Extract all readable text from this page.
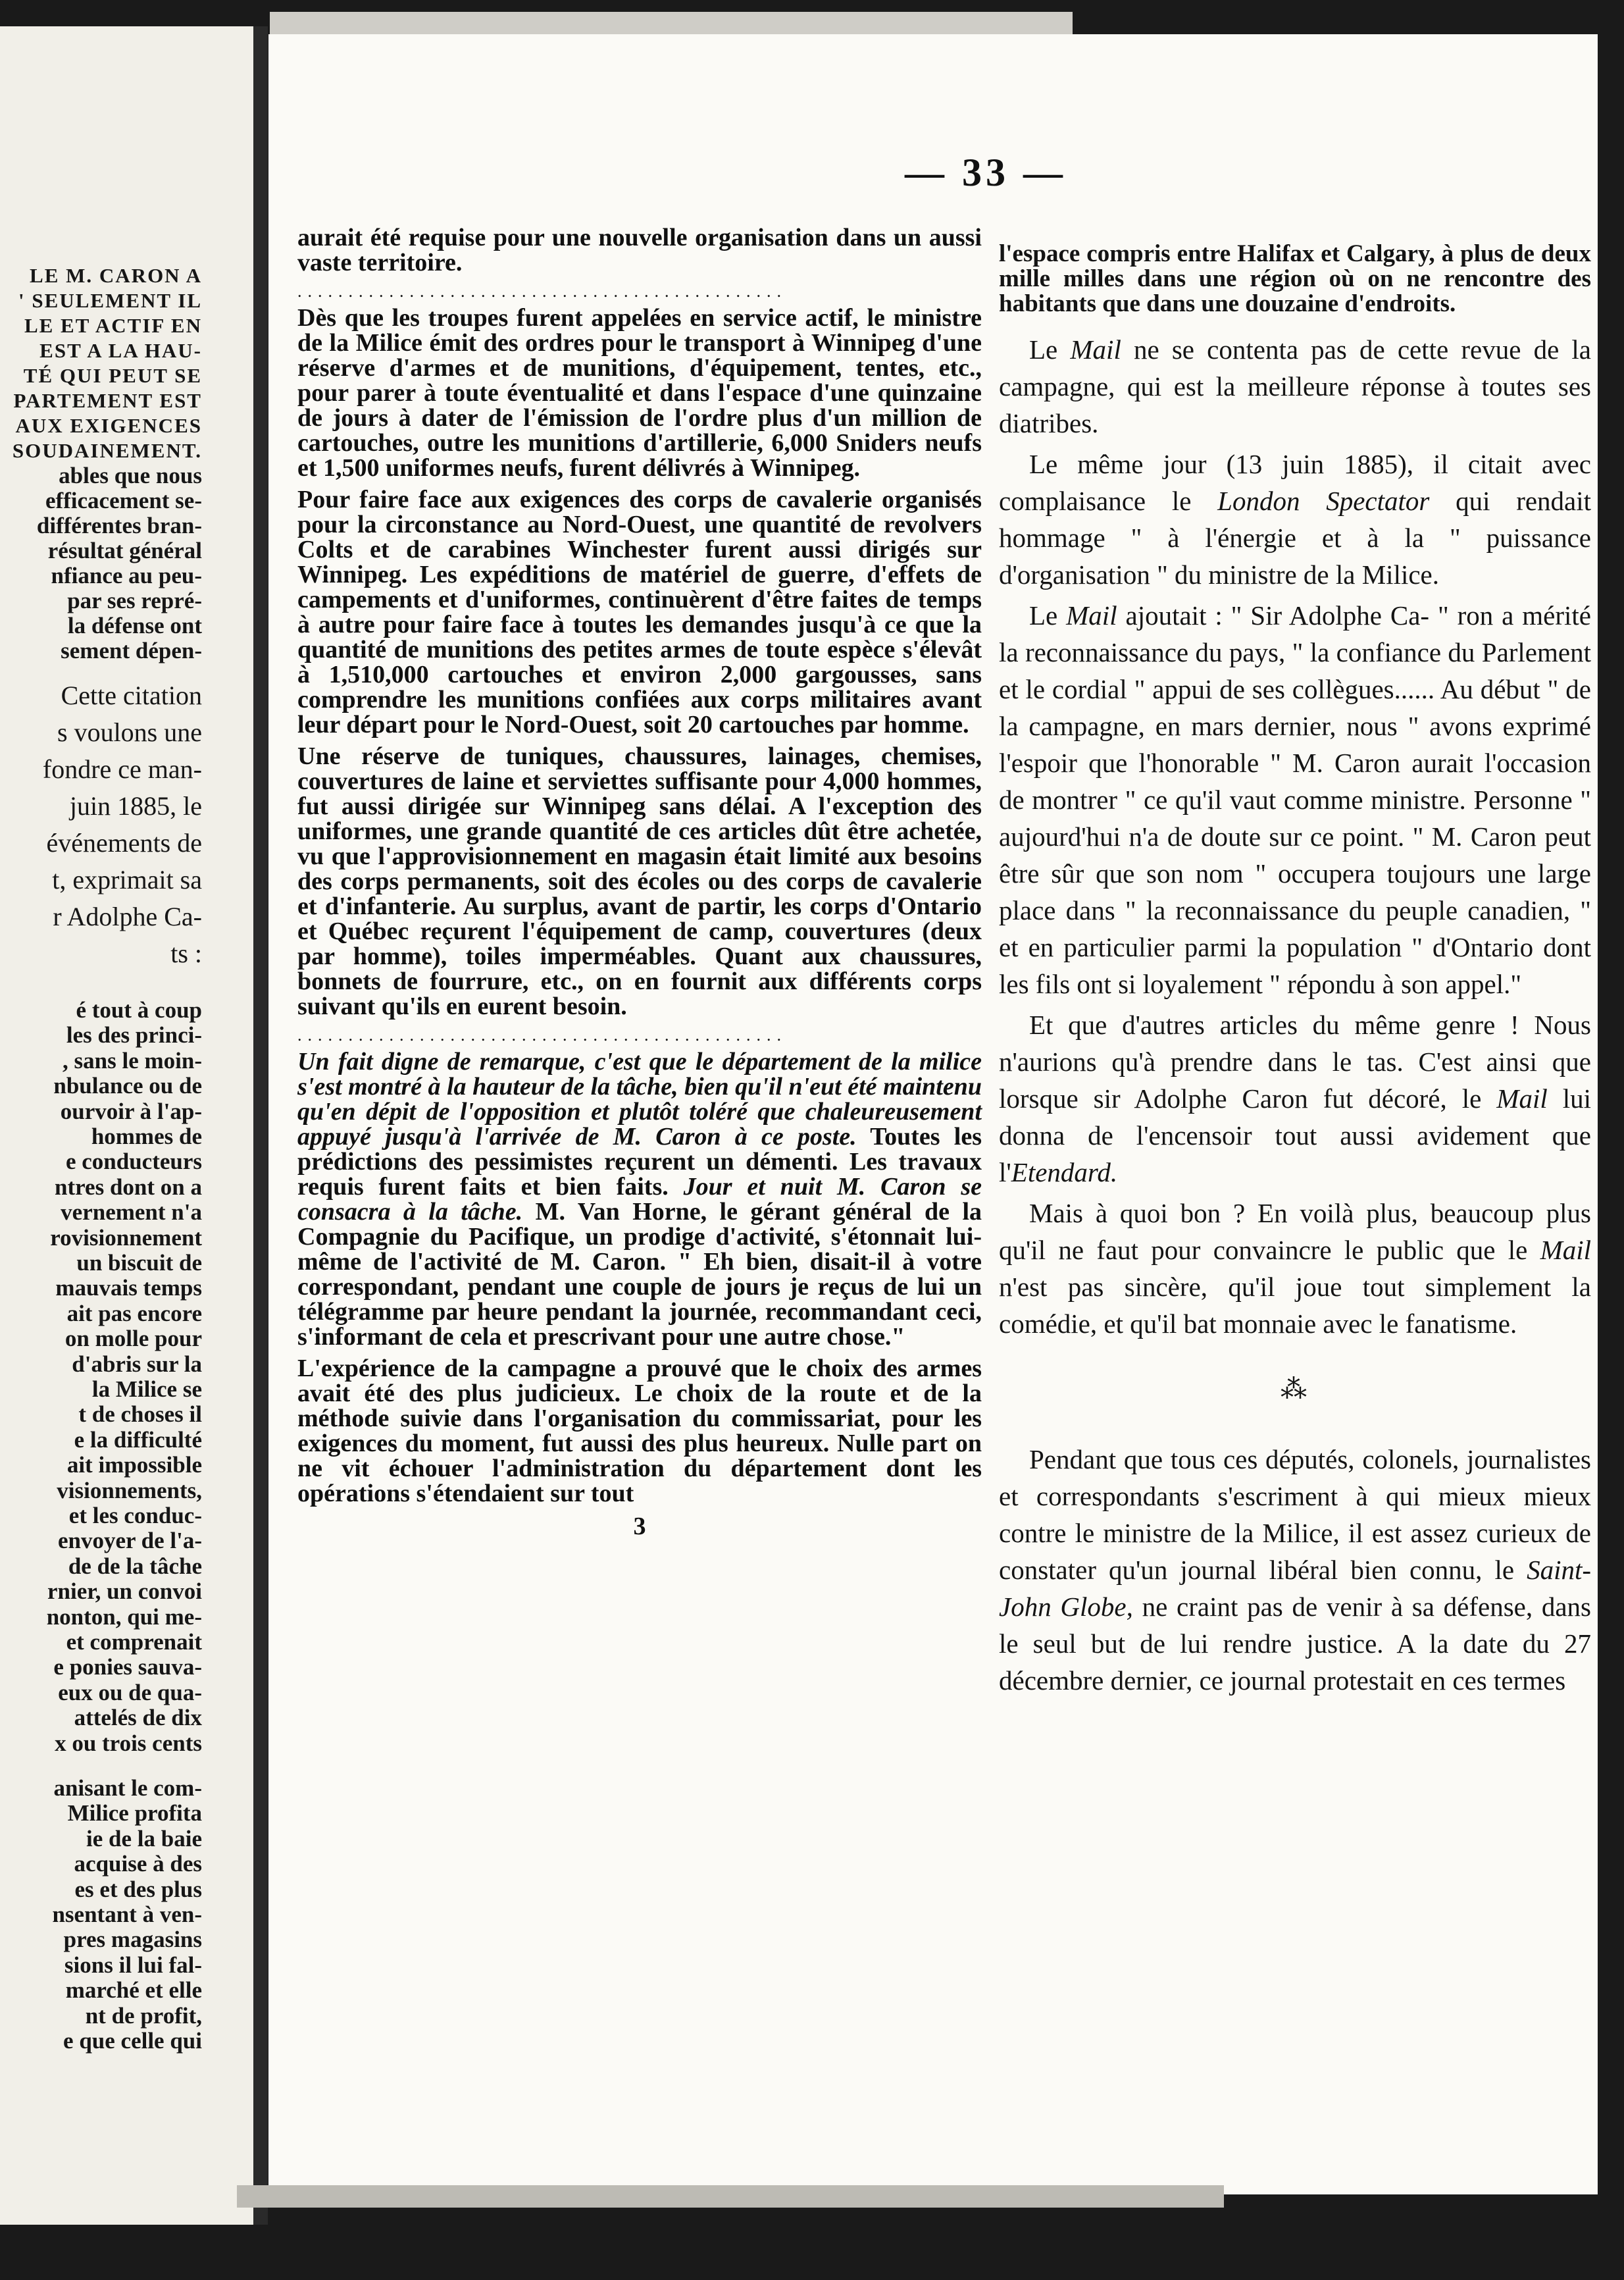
LE M. CARON A
' SEULEMENT IL
LE ET ACTIF EN
EST A LA HAU-
TÉ QUI PEUT SE
PARTEMENT EST
AUX EXIGENCES
SOUDAINEMENT.
ables que nous
efficacement se-
différentes bran-
résultat général
nfiance au peu-
par ses repré-
la défense ont
sement dépen-
Cette citation
s voulons une
fondre ce man-
juin 1885, le
événements de
t, exprimait sa
r Adolphe Ca-
ts :
é tout à coup
les des princi-
, sans le moin-
nbulance ou de
ourvoir à l'ap-
hommes de
e conducteurs
ntres dont on a
vernement n'a
rovisionnement
un biscuit de
mauvais temps
ait pas encore
on molle pour
d'abris sur la
la Milice se
t de choses il
e la difficulté
ait impossible
visionnements,
et les conduc-
envoyer de l'a-
de de la tâche
rnier, un convoi
nonton, qui me-
et comprenait
e ponies sauva-
eux ou de qua-
attelés de dix
x ou trois cents
anisant le com-
Milice profita
ie de la baie
acquise à des
es et des plus
nsentant à ven-
pres magasins
sions il lui fal-
marché et elle
nt de profit,
e que celle qui
— 33 —

aurait été requise pour une nouvelle organisation dans un aussi vaste territoire.

................................................

Dès que les troupes furent appelées en service actif, le ministre de la Milice émit des ordres pour le transport à Winnipeg d'une réserve d'armes et de munitions, d'équipement, tentes, etc., pour parer à toute éventualité et dans l'espace d'une quinzaine de jours à dater de l'émission de l'ordre plus d'un million de cartouches, outre les munitions d'artillerie, 6,000 Sniders neufs et 1,500 uniformes neufs, furent délivrés à Winnipeg.

Pour faire face aux exigences des corps de cavalerie organisés pour la circonstance au Nord-Ouest, une quantité de revolvers Colts et de carabines Winchester furent aussi dirigés sur Winnipeg. Les expéditions de matériel de guerre, d'effets de campements et d'uniformes, continuèrent d'être faites de temps à autre pour faire face à toutes les demandes jusqu'à ce que la quantité de munitions des petites armes de toute espèce s'élevât à 1,510,000 cartouches et environ 2,000 gargousses, sans comprendre les munitions confiées aux corps militaires avant leur départ pour le Nord-Ouest, soit 20 cartouches par homme.

Une réserve de tuniques, chaussures, lainages, chemises, couvertures de laine et serviettes suffisante pour 4,000 hommes, fut aussi dirigée sur Winnipeg sans délai. A l'exception des uniformes, une grande quantité de ces articles dût être achetée, vu que l'approvisionnement en magasin était limité aux besoins des corps permanents, soit des écoles ou des corps de cavalerie et d'infanterie. Au surplus, avant de partir, les corps d'Ontario et Québec reçurent l'équipement de camp, couvertures (deux par homme), toiles imperméables. Quant aux chaussures, bonnets de fourrure, etc., on en fournit aux différents corps suivant qu'ils en eurent besoin.

................................................

Un fait digne de remarque, c'est que le département de la milice s'est montré à la hauteur de la tâche, bien qu'il n'eut été maintenu qu'en dépit de l'opposition et plutôt toléré que chaleureusement appuyé jusqu'à l'arrivée de M. Caron à ce poste. Toutes les prédictions des pessimistes reçurent un démenti. Les travaux requis furent faits et bien faits. Jour et nuit M. Caron se consacra à la tâche. M. Van Horne, le gérant général de la Compagnie du Pacifique, un prodige d'activité, s'étonnait lui-même de l'activité de M. Caron. " Eh bien, disait-il à votre correspondant, pendant une couple de jours je reçus de lui un télégramme par heure pendant la journée, recommandant ceci, s'informant de cela et prescrivant pour une autre chose."

L'expérience de la campagne a prouvé que le choix des armes avait été des plus judicieux. Le choix de la route et de la méthode suivie dans l'organisation du commissariat, pour les exigences du moment, fut aussi des plus heureux. Nulle part on ne vit échouer l'administration du département dont les opérations s'étendaient sur tout

3

l'espace compris entre Halifax et Calgary, à plus de deux mille milles dans une région où on ne rencontre des habitants que dans une douzaine d'endroits.

Le Mail ne se contenta pas de cette revue de la campagne, qui est la meilleure réponse à toutes ses diatribes.

Le même jour (13 juin 1885), il citait avec complaisance le London Spectator qui rendait hommage " à l'énergie et à la " puissance d'organisation " du ministre de la Milice.

Le Mail ajoutait : " Sir Adolphe Ca- " ron a mérité la reconnaissance du pays, " la confiance du Parlement et le cordial " appui de ses collègues...... Au début " de la campagne, en mars dernier, nous " avons exprimé l'espoir que l'honorable " M. Caron aurait l'occasion de montrer " ce qu'il vaut comme ministre. Personne " aujourd'hui n'a de doute sur ce point. " M. Caron peut être sûr que son nom " occupera toujours une large place dans " la reconnaissance du peuple canadien, " et en particulier parmi la population " d'Ontario dont les fils ont si loyalement " répondu à son appel."

Et que d'autres articles du même genre ! Nous n'aurions qu'à prendre dans le tas. C'est ainsi que lorsque sir Adolphe Caron fut décoré, le Mail lui donna de l'encensoir tout aussi avidement que l'Etendard.

Mais à quoi bon ? En voilà plus, beaucoup plus qu'il ne faut pour convaincre le public que le Mail n'est pas sincère, qu'il joue tout simplement la comédie, et qu'il bat monnaie avec le fanatisme.

⁂

Pendant que tous ces députés, colonels, journalistes et correspondants s'escriment à qui mieux mieux contre le ministre de la Milice, il est assez curieux de constater qu'un journal libéral bien connu, le Saint-John Globe, ne craint pas de venir à sa défense, dans le seul but de lui rendre justice. A la date du 27 décembre dernier, ce journal protestait en ces termes
